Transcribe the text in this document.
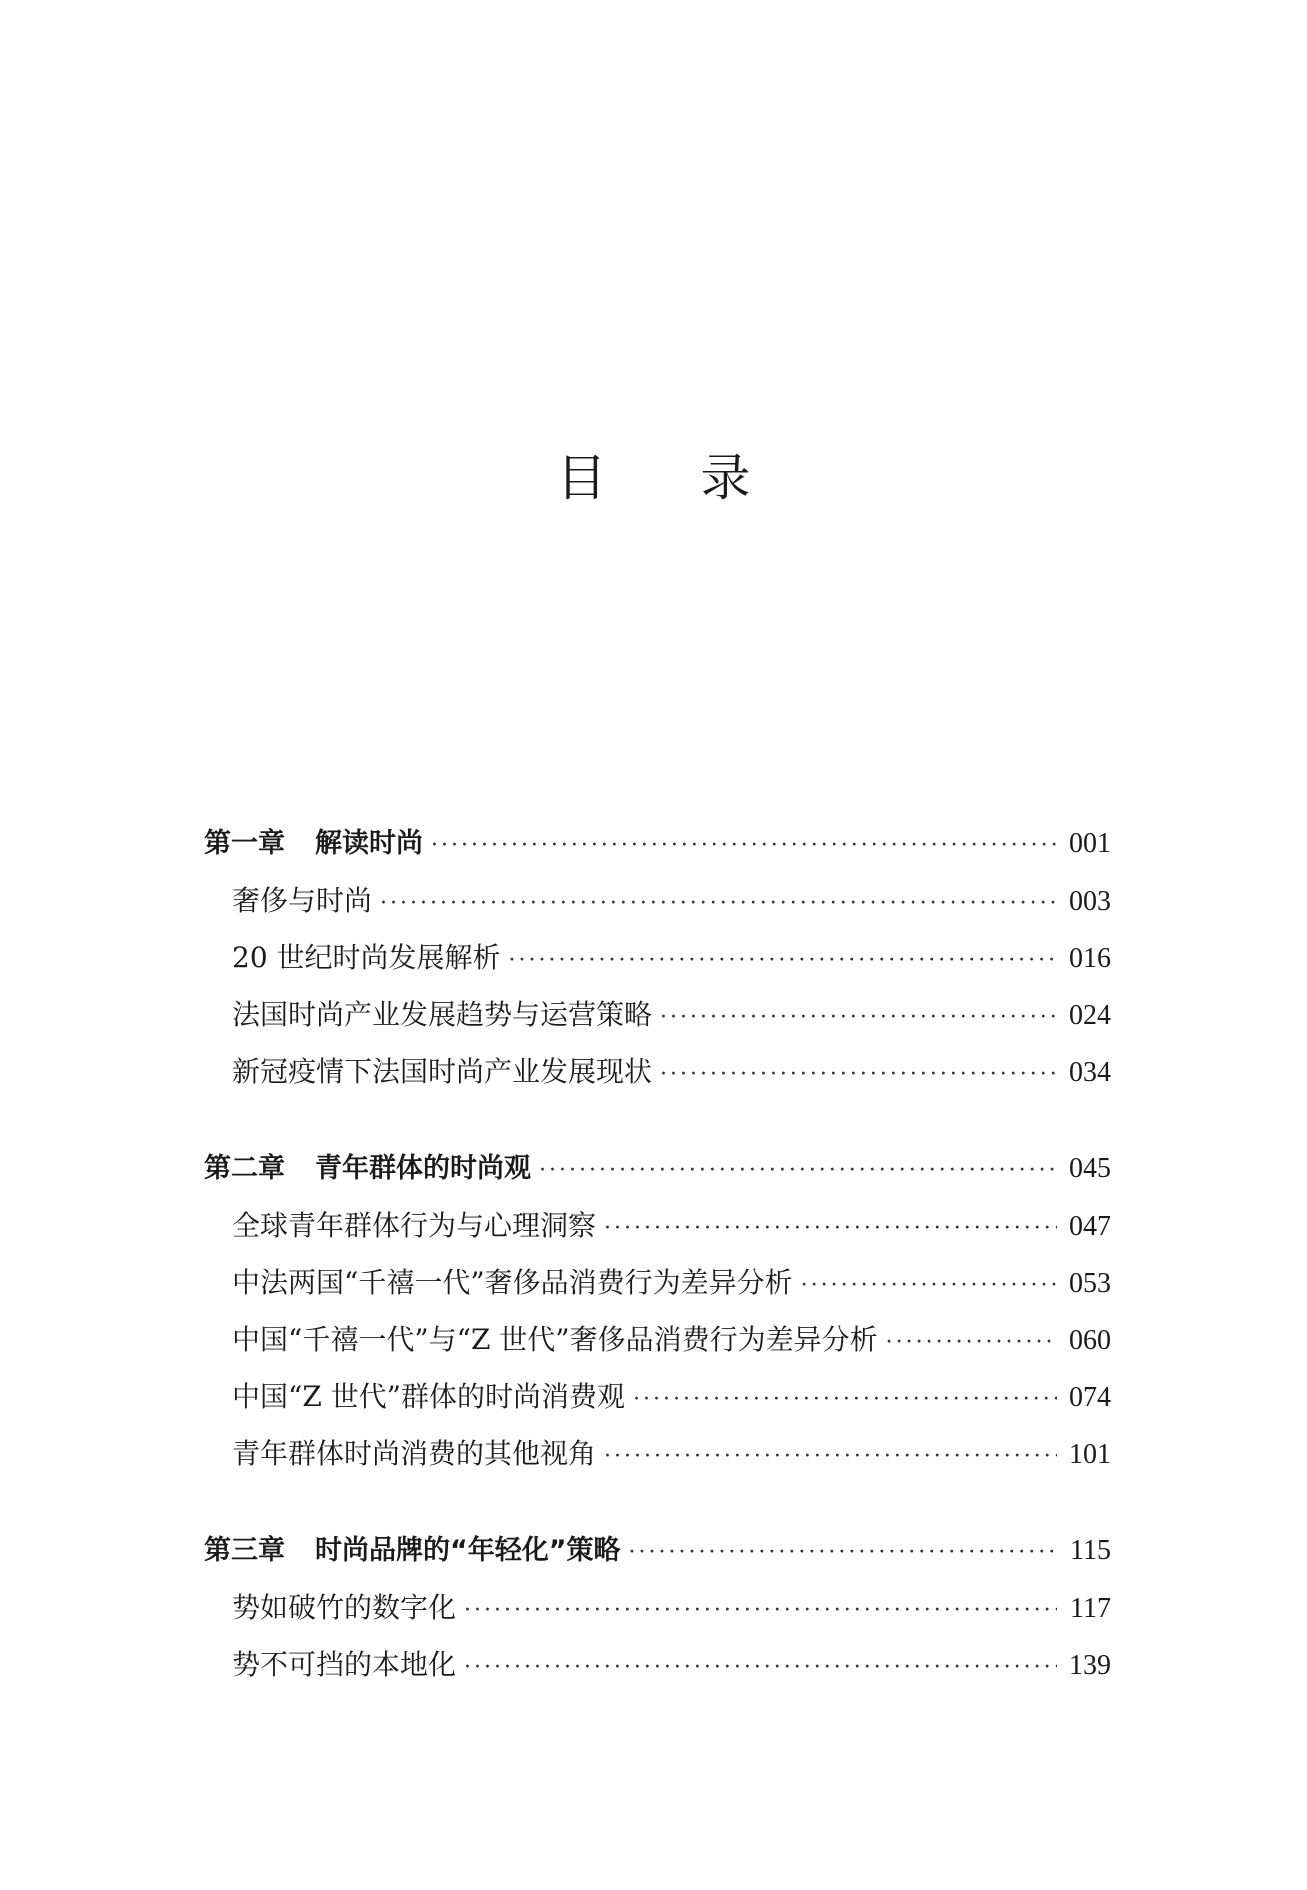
目录
第一章 解读时尚 ·····	001
奢侈与时尚 ·····	003
20 世纪时尚发展解析 ·····	016
法国时尚产业发展趋势与运营策略 ·····	024
新冠疫情下法国时尚产业发展现状 ·····	034
第二章 青年群体的时尚观 ·····	045
全球青年群体行为与心理洞察 ·····	047
中法两国“千禧一代”奢侈品消费行为差异分析 ·····	053
中国“千禧一代”与“Z 世代”奢侈品消费行为差异分析 ·····	060
中国“Z 世代”群体的时尚消费观 ·····	074
青年群体时尚消费的其他视角 ·····	101
第三章 时尚品牌的“年轻化”策略 ·····	115
势如破竹的数字化 ·····	117
势不可挡的本地化 ·····	139
